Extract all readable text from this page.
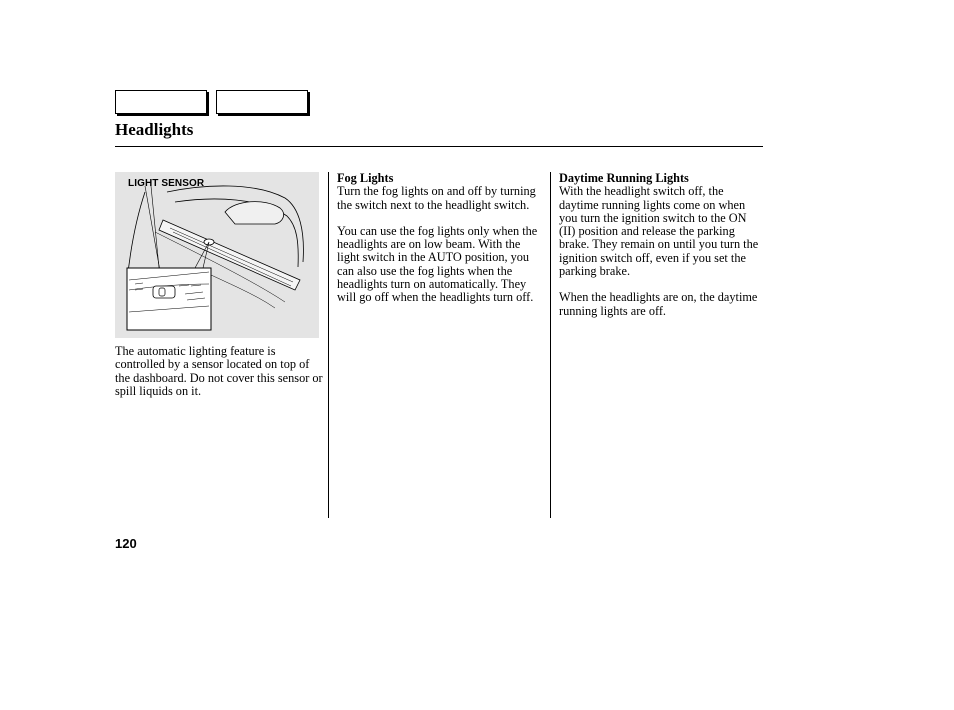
Headlights
LIGHT SENSOR

The automatic lighting feature is controlled by a sensor located on top of the dashboard. Do not cover this sensor or spill liquids on it.

Fog Lights

Turn the fog lights on and off by turning the switch next to the headlight switch.

You can use the fog lights only when the headlights are on low beam. With the light switch in the AUTO position, you can also use the fog lights when the headlights turn on automatically. They will go off when the headlights turn off.

Daytime Running Lights

With the headlight switch off, the daytime running lights come on when you turn the ignition switch to the ON (II) position and release the parking brake. They remain on until you turn the ignition switch off, even if you set the parking brake.

When the headlights are on, the daytime running lights are off.

120
